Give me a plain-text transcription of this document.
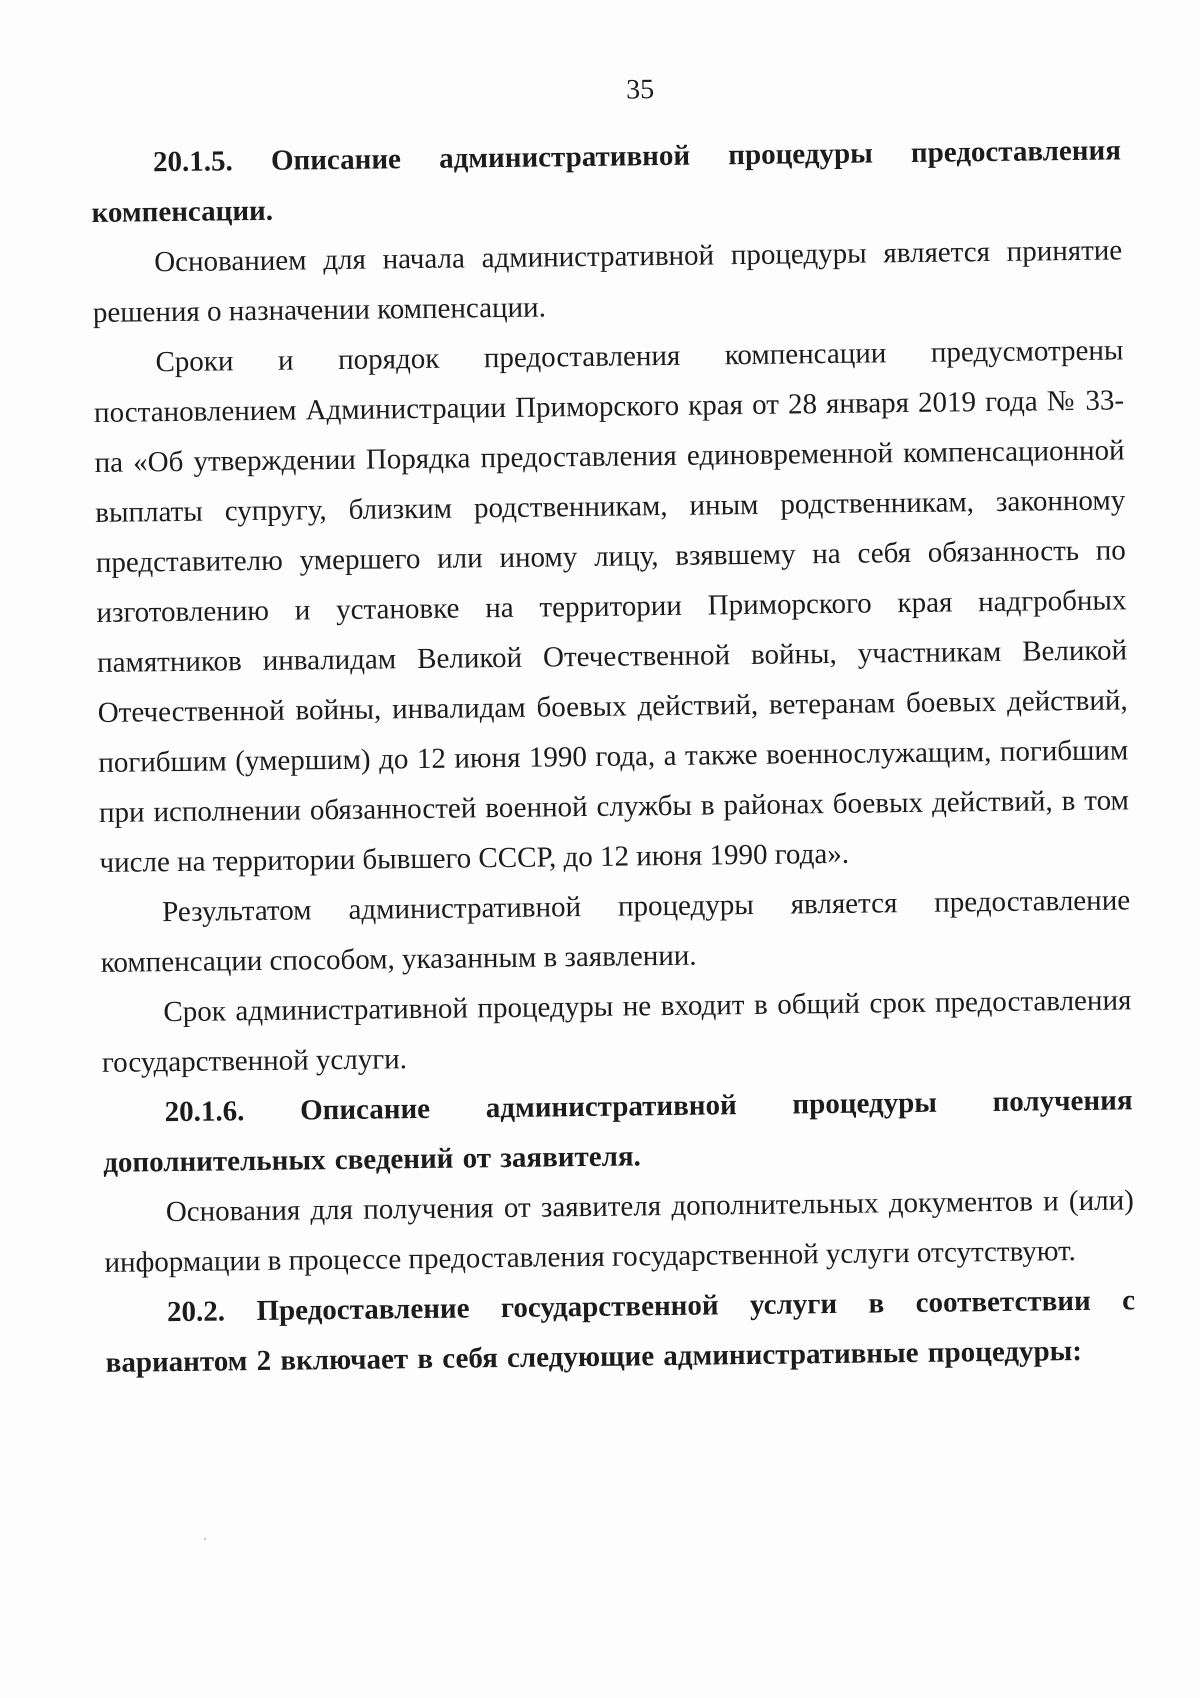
35

20.1.5. Описание административной процедуры предоставления компенсации.

Основанием для начала административной процедуры является принятие решения о назначении компенсации.

Сроки и порядок предоставления компенсации предусмотрены постановлением Администрации Приморского края от 28 января 2019 года № 33-па «Об утверждении Порядка предоставления единовременной компенсационной выплаты супругу, близким родственникам, иным родственникам, законному представителю умершего или иному лицу, взявшему на себя обязанность по изготовлению и установке на территории Приморского края надгробных памятников инвалидам Великой Отечественной войны, участникам Великой Отечественной войны, инвалидам боевых действий, ветеранам боевых действий, погибшим (умершим) до 12 июня 1990 года, а также военнослужащим, погибшим при исполнении обязанностей военной службы в районах боевых действий, в том числе на территории бывшего СССР, до 12 июня 1990 года».

Результатом административной процедуры является предоставление компенсации способом, указанным в заявлении.

Срок административной процедуры не входит в общий срок предоставления государственной услуги.

20.1.6. Описание административной процедуры получения дополнительных сведений от заявителя.

Основания для получения от заявителя дополнительных документов и (или) информации в процессе предоставления государственной услуги отсутствуют.

20.2. Предоставление государственной услуги в соответствии с вариантом 2 включает в себя следующие административные процедуры:
